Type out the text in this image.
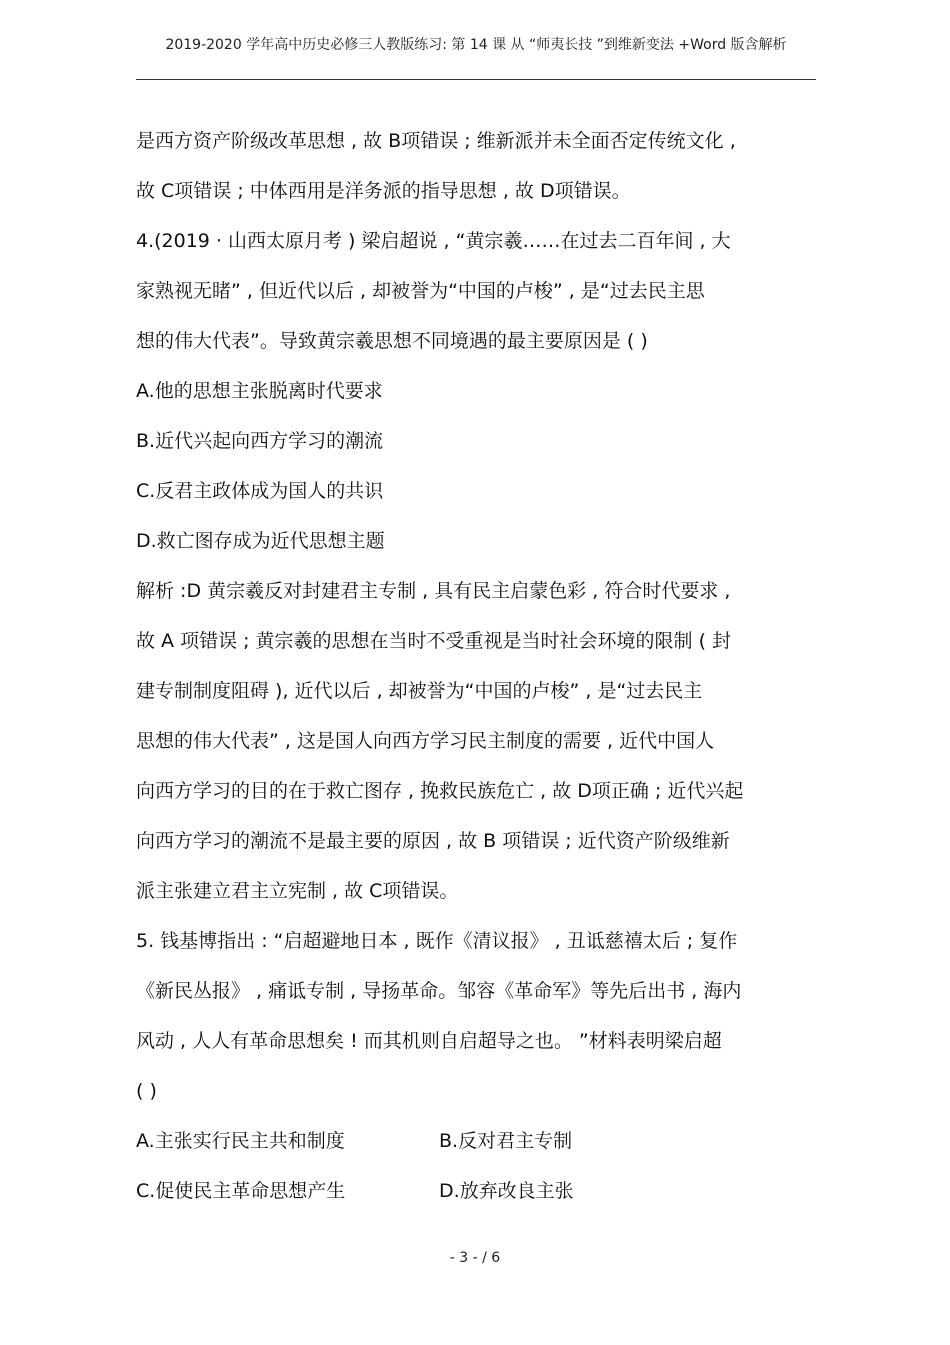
2019-2020 学年高中历史必修三人教版练习: 第 14 课 从 “师夷长技 ”到维新变法 +Word 版含解析
是西方资产阶级改革思想 , 故 B项错误 ; 维新派并未全面否定传统文化 ,
故 C项错误 ; 中体西用是洋务派的指导思想 , 故 D项错误。
4.(2019 · 山西太原月考 ) 梁启超说 , “黄宗羲……在过去二百年间 , 大
家熟视无睹” , 但近代以后 , 却被誉为“中国的卢梭” , 是“过去民主思
想的伟大代表”。导致黄宗羲思想不同境遇的最主要原因是 ( )
A.他的思想主张脱离时代要求
B.近代兴起向西方学习的潮流
C.反君主政体成为国人的共识
D.救亡图存成为近代思想主题
解析 :D 黄宗羲反对封建君主专制 , 具有民主启蒙色彩 , 符合时代要求 ,
故 A 项错误 ; 黄宗羲的思想在当时不受重视是当时社会环境的限制 ( 封
建专制制度阻碍 ), 近代以后 , 却被誉为“中国的卢梭” , 是“过去民主
思想的伟大代表” , 这是国人向西方学习民主制度的需要 , 近代中国人
向西方学习的目的在于救亡图存 , 挽救民族危亡 , 故 D项正确 ; 近代兴起
向西方学习的潮流不是最主要的原因 , 故 B 项错误 ; 近代资产阶级维新
派主张建立君主立宪制 , 故 C项错误。
5. 钱基博指出 : “启超避地日本 , 既作《清议报》 , 丑诋慈禧太后 ; 复作
《新民丛报》 , 痛诋专制 , 导扬革命。邹容《革命军》等先后出书 , 海内
风动 , 人人有革命思想矣 ! 而其机则自启超导之也。 ”材料表明梁启超
( )
A.主张实行民主共和制度	B.反对君主专制
C.促使民主革命思想产生	D.放弃改良主张
- 3 - / 6
